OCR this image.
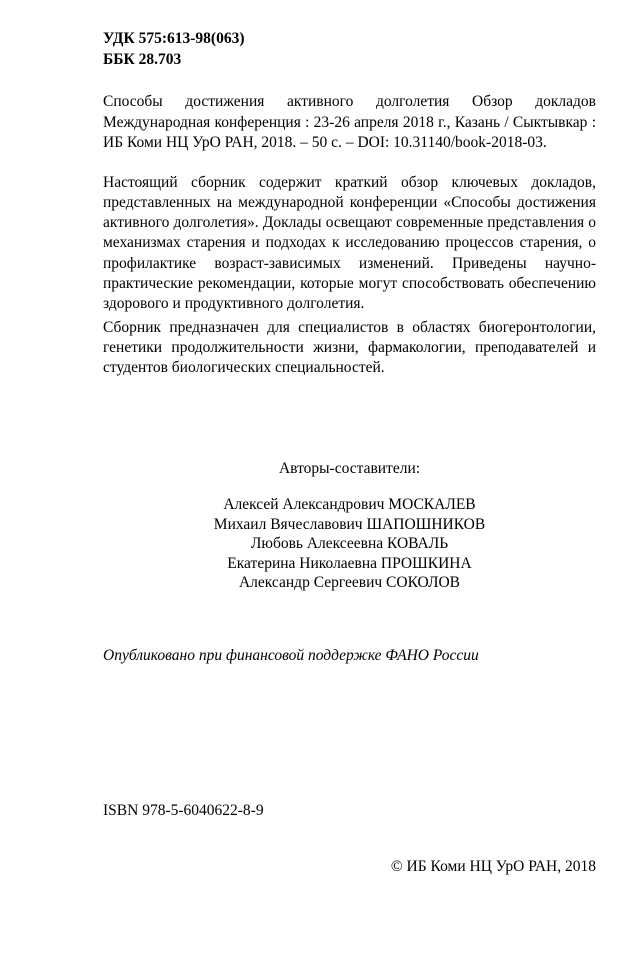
УДК 575:613-98(063)
ББК 28.703
Способы достижения активного долголетия Обзор докладов Международная конференция : 23-26 апреля 2018 г., Казань / Сыктывкар : ИБ Коми НЦ УрО РАН, 2018. – 50 с. – DOI: 10.31140/book-2018-03.

Настоящий сборник содержит краткий обзор ключевых докладов, представленных на международной конференции «Способы достижения активного долголетия». Доклады освещают современные представления о механизмах старения и подходах к исследованию процессов старения, о профилактике возраст-зависимых изменений. Приведены научно-практические рекомендации, которые могут способствовать обеспечению здорового и продуктивного долголетия.

Сборник предназначен для специалистов в областях биогеронтологии, генетики продолжительности жизни, фармакологии, преподавателей и студентов биологических специальностей.

Авторы-составители:
Алексей Александрович МОСКАЛЕВ
Михаил Вячеславович ШАПОШНИКОВ
Любовь Алексеевна КОВАЛЬ
Екатерина Николаевна ПРОШКИНА
Александр Сергеевич СОКОЛОВ
Опубликовано при финансовой поддержке ФАНО России
ISBN 978-5-6040622-8-9
© ИБ Коми НЦ УрО РАН, 2018
